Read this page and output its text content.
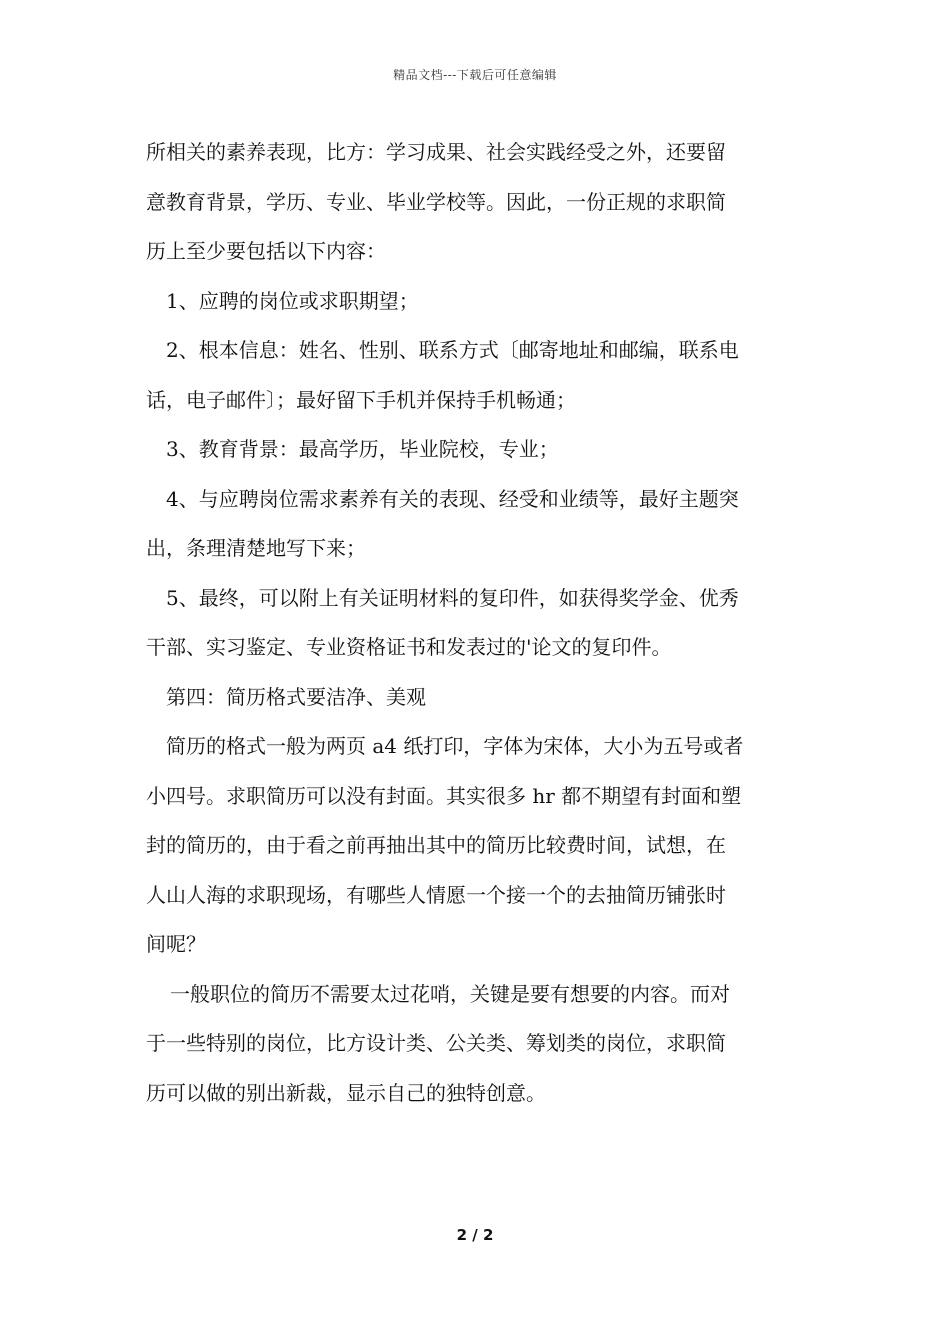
精品文档---下载后可任意编辑
所相关的素养表现，比方：学习成果、社会实践经受之外，还要留
意教育背景，学历、专业、毕业学校等。因此，一份正规的求职简
历上至少要包括以下内容：
1、应聘的岗位或求职期望；
2、根本信息：姓名、性别、联系方式〔邮寄地址和邮编，联系电
话，电子邮件〕；最好留下手机并保持手机畅通；
3、教育背景：最高学历，毕业院校，专业；
4、与应聘岗位需求素养有关的表现、经受和业绩等，最好主题突
出，条理清楚地写下来；
5、最终，可以附上有关证明材料的复印件，如获得奖学金、优秀
干部、实习鉴定、专业资格证书和发表过的'论文的复印件。
第四：简历格式要洁净、美观
简历的格式一般为两页 a4 纸打印，字体为宋体，大小为五号或者
小四号。求职简历可以没有封面。其实很多 hr 都不期望有封面和塑
封的简历的，由于看之前再抽出其中的简历比较费时间，试想，在
人山人海的求职现场，有哪些人情愿一个接一个的去抽简历铺张时
间呢？
一般职位的简历不需要太过花哨，关键是要有想要的内容。而对
于一些特别的岗位，比方设计类、公关类、筹划类的岗位，求职简
历可以做的别出新裁，显示自己的独特创意。
2 / 2
